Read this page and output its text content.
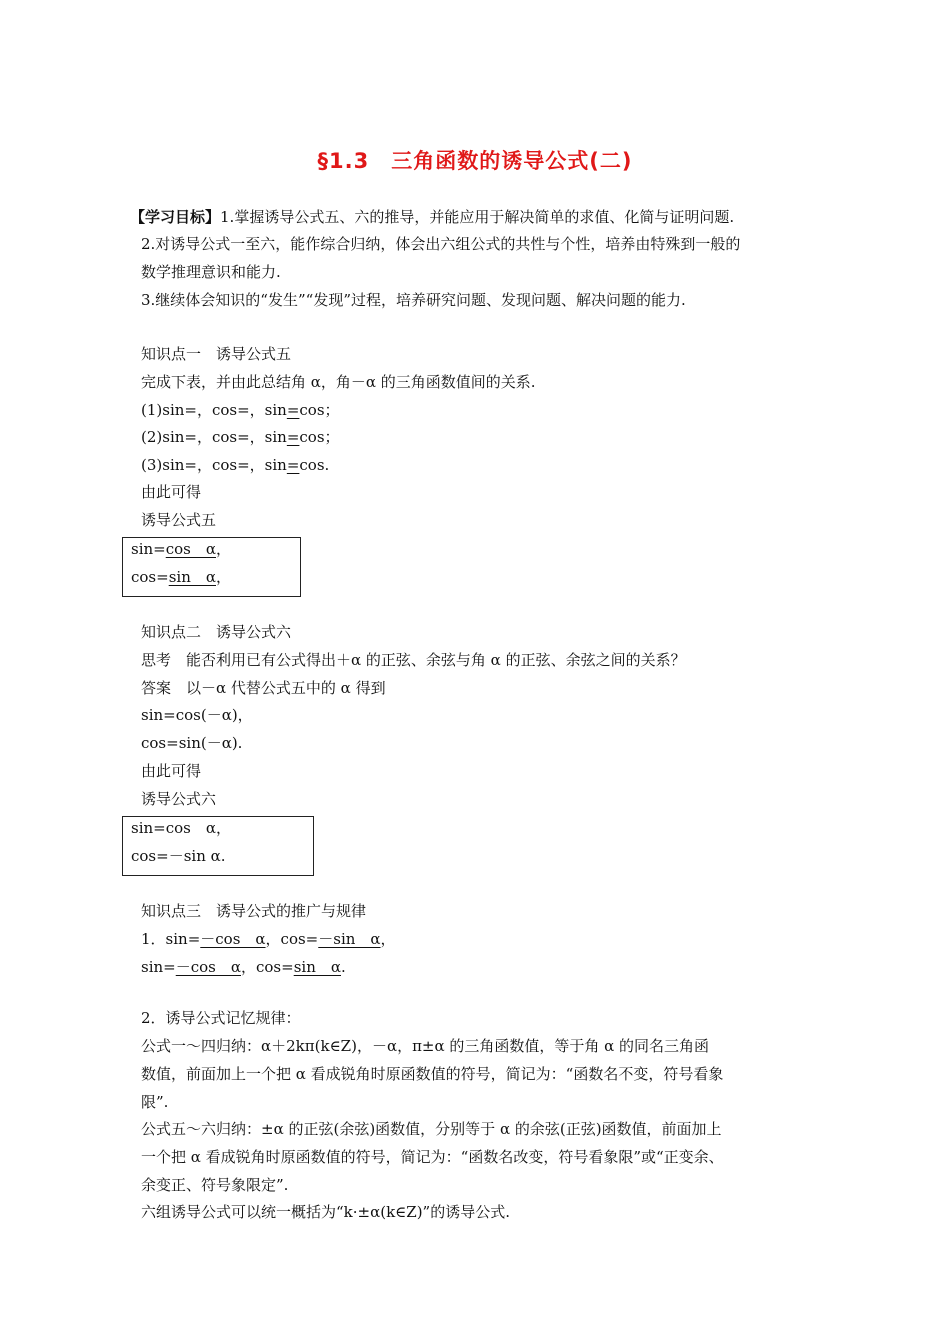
§1.3　三角函数的诱导公式(二)
【学习目标】1.掌握诱导公式五、六的推导，并能应用于解决简单的求值、化简与证明问题.
2.对诱导公式一至六，能作综合归纳，体会出六组公式的共性与个性，培养由特殊到一般的
数学推理意识和能力.
3.继续体会知识的“发生”“发现”过程，培养研究问题、发现问题、解决问题的能力.
知识点一　诱导公式五
完成下表，并由此总结角 α，角－α 的三角函数值间的关系.
(1)sin=，cos=，sin=cos；
(2)sin=，cos=，sin=cos；
(3)sin=，cos=，sin=cos.
由此可得
诱导公式五
sin=cos　α，
cos=sin　α，
知识点二　诱导公式六
思考　能否利用已有公式得出＋α 的正弦、余弦与角 α 的正弦、余弦之间的关系？
答案　以－α 代替公式五中的 α 得到
sin=cos(－α)，
cos=sin(－α).
由此可得
诱导公式六
sin=cos　α，
cos=－sin α.
知识点三　诱导公式的推广与规律
1．sin=－cos　α，cos=－sin　α，
sin=－cos　α，cos=sin　α.
2．诱导公式记忆规律：
公式一～四归纳：α＋2kπ(k∈Z)，－α，π±α 的三角函数值，等于角 α 的同名三角函
数值，前面加上一个把 α 看成锐角时原函数值的符号，简记为：“函数名不变，符号看象
限”.
公式五～六归纳：±α 的正弦(余弦)函数值，分别等于 α 的余弦(正弦)函数值，前面加上
一个把 α 看成锐角时原函数值的符号，简记为：“函数名改变，符号看象限”或“正变余、
余变正、符号象限定”.
六组诱导公式可以统一概括为“k·±α(k∈Z)”的诱导公式.
